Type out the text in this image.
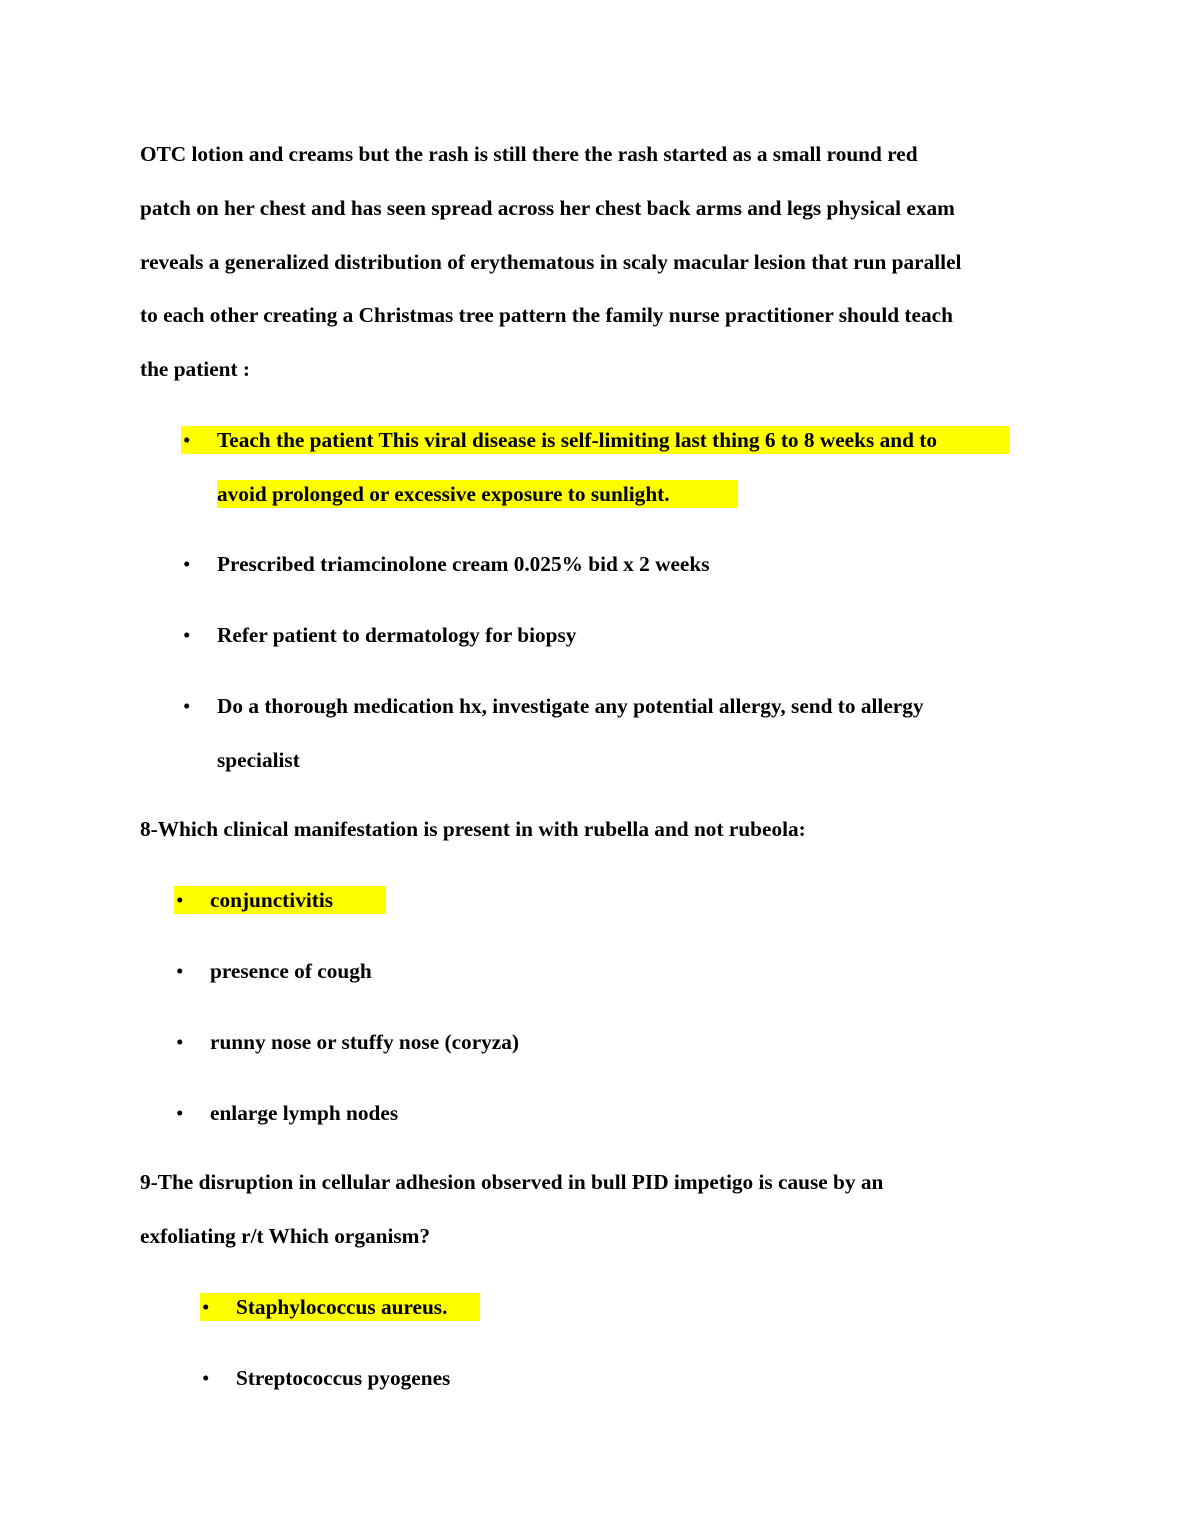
OTC lotion and creams but the rash is still there the rash started as a small round red
patch on her chest and has seen spread across her chest back arms and legs physical exam
reveals a generalized distribution of erythematous in scaly macular lesion that run parallel
to each other creating a Christmas tree pattern the family nurse practitioner should teach
the patient :
• Teach the patient This viral disease is self-limiting last thing 6 to 8 weeks and to
avoid prolonged or excessive exposure to sunlight.
• Prescribed triamcinolone cream 0.025% bid x 2 weeks
• Refer patient to dermatology for biopsy
• Do a thorough medication hx, investigate any potential allergy, send to allergy
specialist
8-Which clinical manifestation is present in with rubella and not rubeola:
• conjunctivitis
• presence of cough
• runny nose or stuffy nose (coryza)
• enlarge lymph nodes
9-The disruption in cellular adhesion observed in bull PID impetigo is cause by an
exfoliating r/t Which organism?
• Staphylococcus aureus.
• Streptococcus pyogenes
